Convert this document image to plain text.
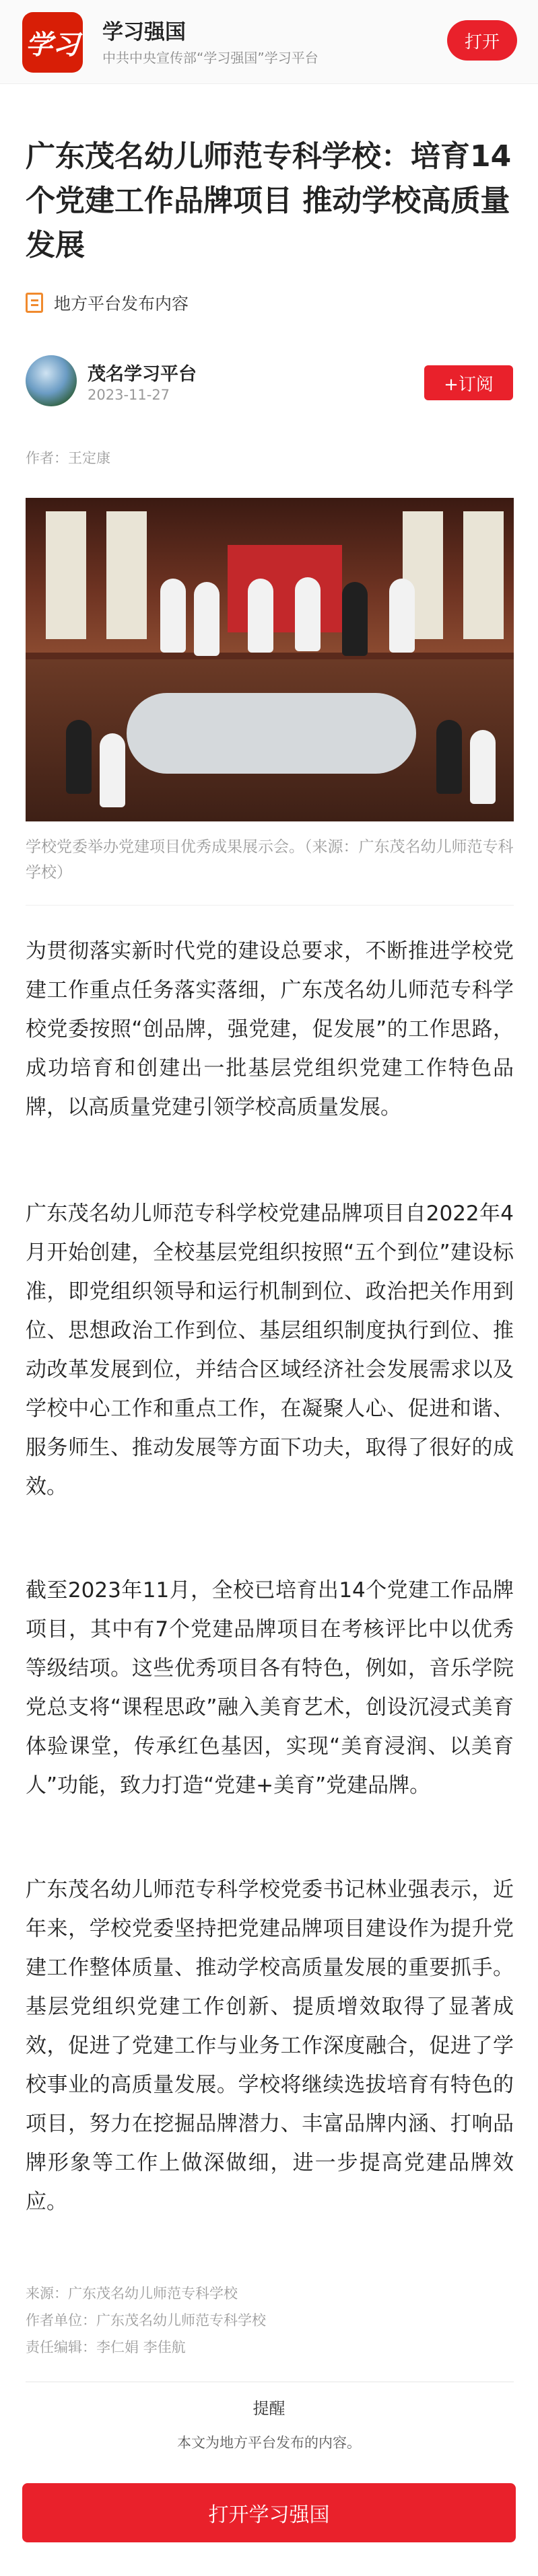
学习 学习强国
中共中央宣传部“学习强国”学习平台
打开
广东茂名幼儿师范专科学校：培育14个党建工作品牌项目 推动学校高质量发展
地方平台发布内容
茂名学习平台
2023-11-27
+订阅
作者：王定康
学校党委举办党建项目优秀成果展示会。（来源：广东茂名幼儿师范专科学校）

为贯彻落实新时代党的建设总要求，不断推进学校党建工作重点任务落实落细，广东茂名幼儿师范专科学校党委按照“创品牌，强党建，促发展”的工作思路，成功培育和创建出一批基层党组织党建工作特色品牌，以高质量党建引领学校高质量发展。

广东茂名幼儿师范专科学校党建品牌项目自2022年4月开始创建，全校基层党组织按照“五个到位”建设标准，即党组织领导和运行机制到位、政治把关作用到位、思想政治工作到位、基层组织制度执行到位、推动改革发展到位，并结合区域经济社会发展需求以及学校中心工作和重点工作，在凝聚人心、促进和谐、服务师生、推动发展等方面下功夫，取得了很好的成效。

截至2023年11月，全校已培育出14个党建工作品牌项目，其中有7个党建品牌项目在考核评比中以优秀等级结项。这些优秀项目各有特色，例如，音乐学院党总支将“课程思政”融入美育艺术，创设沉浸式美育体验课堂，传承红色基因，实现“美育浸润、以美育人”功能，致力打造“党建+美育”党建品牌。

广东茂名幼儿师范专科学校党委书记林业强表示，近年来，学校党委坚持把党建品牌项目建设作为提升党建工作整体质量、推动学校高质量发展的重要抓手。基层党组织党建工作创新、提质增效取得了显著成效，促进了党建工作与业务工作深度融合，促进了学校事业的高质量发展。学校将继续选拔培育有特色的项目，努力在挖掘品牌潜力、丰富品牌内涵、打响品牌形象等工作上做深做细，进一步提高党建品牌效应。

来源：广东茂名幼儿师范专科学校
作者单位：广东茂名幼儿师范专科学校
责任编辑：李仁娟 李佳航
提醒
本文为地方平台发布的内容。
打开学习强国
